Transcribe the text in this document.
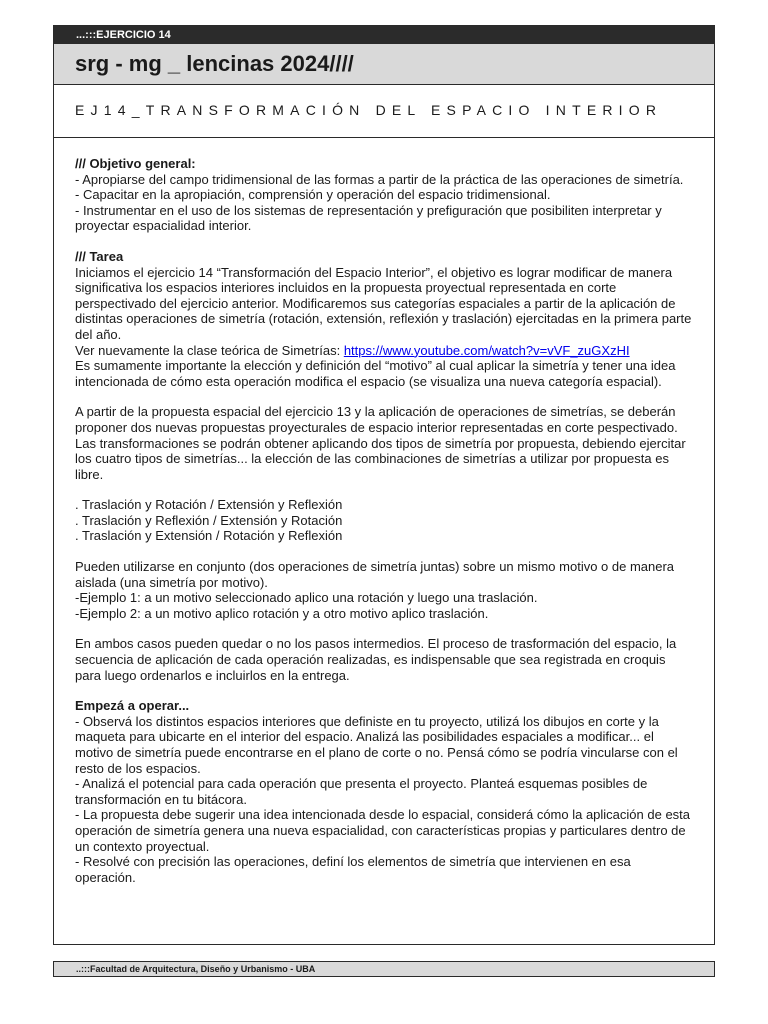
...:::EJERCICIO 14
srg - mg _ lencinas 2024////
EJ14_TRANSFORMACIÓN DEL ESPACIO INTERIOR

/// Objetivo general:

- Apropiarse del campo tridimensional de las formas a partir de la práctica de las operaciones de simetría.

- Capacitar en la apropiación, comprensión y operación del espacio tridimensional.

- Instrumentar en el uso de los sistemas de representación y prefiguración que posibiliten interpretar y proyectar espacialidad interior.

/// Tarea

Iniciamos el ejercicio 14 “Transformación del Espacio Interior”, el objetivo es lograr modificar de manera significativa los espacios interiores incluidos en la propuesta proyectual representada en corte perspectivado del ejercicio anterior. Modificaremos sus categorías espaciales a partir de la aplicación de distintas operaciones de simetría (rotación, extensión, reflexión y traslación) ejercitadas en la primera parte del año.

Ver nuevamente la clase teórica de Simetrías: https://www.youtube.com/watch?v=vVF_zuGXzHI

Es sumamente importante la elección y definición del “motivo” al cual aplicar la simetría y tener una idea intencionada de cómo esta operación modifica el espacio (se visualiza una nueva categoría espacial).

A partir de la propuesta espacial del ejercicio 13 y la aplicación de operaciones de simetrías, se deberán proponer dos nuevas propuestas proyecturales de espacio interior representadas en corte pespectivado. Las transformaciones se podrán obtener aplicando dos tipos de simetría por propuesta, debiendo ejercitar los cuatro tipos de simetrías... la elección de las combinaciones de simetrías a utilizar por propuesta es libre.

. Traslación y Rotación / Extensión y Reflexión

. Traslación y Reflexión / Extensión y Rotación

. Traslación y Extensión / Rotación y Reflexión

Pueden utilizarse en conjunto (dos operaciones de simetría juntas) sobre un mismo motivo o de manera aislada (una simetría por motivo).

-Ejemplo 1: a un motivo seleccionado aplico una rotación y luego una traslación.

-Ejemplo 2: a un motivo aplico rotación y a otro motivo aplico traslación.

En ambos casos pueden quedar o no los pasos intermedios. El proceso de trasformación del espacio, la secuencia de aplicación de cada operación realizadas, es indispensable que sea registrada en croquis para luego ordenarlos e incluirlos en la entrega.

Empezá a operar...

- Observá los distintos espacios interiores que definiste en tu proyecto, utilizá los dibujos en corte y la maqueta para ubicarte en el interior del espacio. Analizá las posibilidades espaciales a modificar... el motivo de simetría puede encontrarse en el plano de corte o no. Pensá cómo se podría vincularse con el resto de los espacios.

- Analizá el potencial para cada operación que presenta el proyecto. Planteá esquemas posibles de transformación en tu bitácora.

- La propuesta debe sugerir una idea intencionada desde lo espacial, considerá cómo la aplicación de esta operación de simetría genera una nueva espacialidad, con características propias y particulares dentro de un contexto proyectual.

- Resolvé con precisión las operaciones, definí los elementos de simetría que intervienen en esa operación.

..:::Facultad de Arquitectura, Diseño y Urbanismo - UBA
